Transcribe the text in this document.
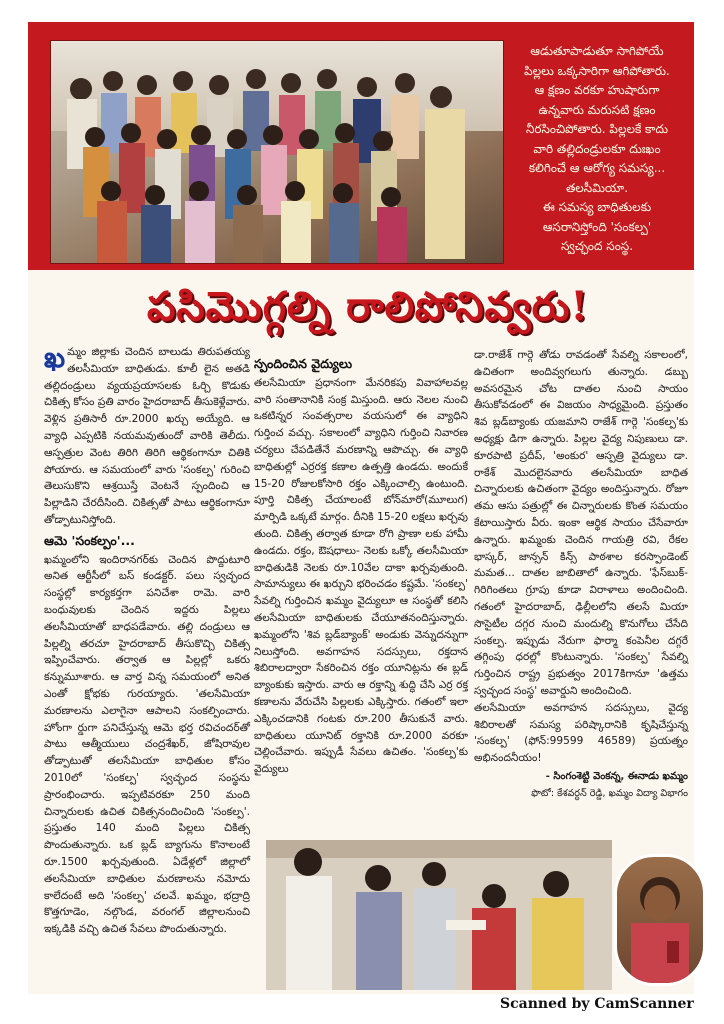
ఆడుతూపాడుతూ సాగిపోయే
పిల్లలు ఒక్కసారిగా ఆగిపోతారు.
ఆ క్షణం వరకూ హుషారుగా
ఉన్నవారు మరుసటి క్షణం
నీరసించిపోతారు. పిల్లలకే కాదు
వారి తల్లిదండ్రులకూ దుఃఖం
కలిగించే ఆ ఆరోగ్య సమస్య...
తలసీమియా.
ఈ సమస్య బాధితులకు
ఆసరానిస్తోంది 'సంకల్ప'
స్వచ్ఛంద సంస్థ.
పసిమొగ్గల్ని రాలిపోనివ్వరు!

ఖ మ్మం జిల్లాకు చెందిన బాలుడు తిరుపతయ్య తలసీమియా బాధితుడు. కూలీ లైన అతడి తల్లిదండ్రులు వ్యయప్రయాసలకు ఓర్చి కొడుకు చికిత్స కోసం ప్రతి వారం హైదరాబాద్ తీసుకెళ్లేవారు. వెళ్లిన ప్రతిసారీ రూ.2000 ఖర్చు అయ్యేది. ఆ వ్యాధి ఎప్పటికి నయమవుతుందో వారికి తెలీదు. ఆస్పత్రుల వెంట తిరిగి తిరిగి ఆర్థికంగానూ చితికి పోయారు. ఆ సమయంలో వారు 'సంకల్ప' గురించి తెలుసుకొని ఆశ్రయిస్తే వెంటనే స్పందించి ఆ పిల్లాడిని చేరదీసింది. చికిత్సతో పాటు ఆర్థికంగానూ తోడ్పాటునిస్తోంది.

ఆమె 'సంకల్పం'...

ఖమ్మంలోని ఇందిరానగర్‌కు చెందిన పొద్దుటూరి అనిత ఆర్టీసీలో బస్ కండక్టర్. పలు స్వచ్ఛంద సంస్థల్లో కార్యకర్తగా పనిచేశా రామె. వారి బంధువులకు చెందిన ఇద్దరు పిల్లలు తలసీమియాతో బాధపడేవారు. తల్లి దండ్రులు ఆ పిల్లల్ని తరచూ హైదరాబాద్ తీసుకొచ్చి చికిత్స ఇప్పించేవారు. తర్వాత ఆ పిల్లల్లో ఒకరు కన్నుమూశారు. ఆ వార్త విన్న సమయంలో అనిత ఎంతో క్షోభకు గురయ్యారు. 'తలసేమియా మరణాలను ఎలాగైనా ఆపాలని సంకల్పించారు. హోంగా ర్డుగా పనిచేస్తున్న ఆమె భర్త రవిచందర్‌తో పాటు ఆత్మీయులు చంద్రశేఖర్, జోషిరావుల తోడ్పాటుతో తలసేమియా బాధితుల కోసం 2010లో 'సంకల్ప' స్వచ్ఛంద సంస్థను ప్రారంభించారు. ఇప్పటివరకూ 250 మంది చిన్నారులకు ఉచిత చికిత్సనందించింది 'సంకల్ప'. ప్రస్తుతం 140 మంది పిల్లలు చికిత్స పొందుతున్నారు. ఒక బ్లడ్ బ్యాగును కొనాలంటే రూ.1500 ఖర్చవుతుంది. ఏడేళ్లలో జిల్లాలో తలసేమియా బాధితుల మరణాలను నమోదు కాలేదంటే అది 'సంకల్ప' చలవే. ఖమ్మం, భద్రాద్రి కొత్తగూడెం, నల్గొండ, వరంగల్ జిల్లాలనుంచి ఇక్కడికి వచ్చి ఉచిత సేవలు పొందుతున్నారు.

స్పందించిన వైద్యులు

తలసేమియా ప్రధానంగా మేనరికపు వివాహాలవల్ల వారి సంతానానికి సంక్ర మిస్తుంది. ఆరు నెలల నుంచి ఒకటిన్నర సంవత్సరాల వయసులో ఈ వ్యాధిని గుర్తించ వచ్చు. సకాలంలో వ్యాధిని గుర్తించి నివారణ చర్యలు చేపడితేనే మరణాన్ని ఆపొచ్చు. ఈ వ్యాధి బాధితుల్లో ఎర్రరక్త కణాల ఉత్పత్తి ఉండదు. అందుకే 15-20 రోజులకోసారి రక్తం ఎక్కించాల్సి ఉంటుంది. పూర్తి చికిత్స చేయాలంటే బోన్‌మారో(మూలుగ) మార్పిడి ఒక్కటే మార్గం. దీనికి 15-20 లక్షలు ఖర్చవు తుంది. చికిత్స తర్వాత కూడా రోగి ప్రాణా లకు హామీ ఉండదు. రక్తం, ఔషధాలు- నెలకు ఒక్కో తలసీమియా బాధితుడికి నెలకు రూ.10వేల దాకా ఖర్చవుతుంది. సామాన్యులు ఈ ఖర్చుని భరించడం కష్టమే. 'సంకల్ప' సేవల్ని గుర్తించిన ఖమ్మం వైద్యులూ ఆ సంస్థతో కలిసి తలసేమియా బాధితులకు చేయూతనందిస్తున్నారు. ఖమ్మంలోని 'శివ బ్లడ్‌బ్యాంక్' అండుకు వెన్నుదన్నుగా నిలుస్తోంది. అవగాహన సదస్సులు, రక్తదాన శిబిరాలద్వారా సేకరించిన రక్తం యూనిట్లను ఈ బ్లడ్ బ్యాంకుకు ఇస్తారు. వారు ఆ రక్తాన్ని శుద్ధి చేసి ఎర్ర రక్త కణాలను వేరుచేసి పిల్లలకు ఎక్కిస్తారు. గతంలో ఇలా ఎక్కించడానికి గంటకు రూ.200 తీసుకునే వారు. బాధితులు యూనిట్ రక్తానికి రూ.2000 వరకూ చెల్లించేవారు. ఇప్పుడీ సేవలు ఉచితం. 'సంకల్ప'కు వైద్యులు

డా.రాజేశ్ గార్గె తోడు రావడంతో సేవల్ని సకాలంలో, ఉచితంగా అందివ్వగలుగు తున్నారు. డబ్బు అవసరమైన చోట దాతల నుంచి సాయం తీసుకోవడంలో ఈ విజయం సాధ్యమైంది. ప్రస్తుతం శివ బ్లడ్‌బ్యాంకు యజమాని రాజేశ్ గార్గె 'సంకల్ప'కు అధ్యక్షు డిగా ఉన్నారు. పిల్లల వైద్య నిపుణులు డా. కూరపాటి ప్రదీప్, 'అంకుర' ఆస్పత్రి వైద్యులు డా. రాకేశ్ మొదలైనవారు తలసేమియా బాధిత చిన్నారులకు ఉచితంగా వైద్యం అందిస్తున్నారు. రోజూ తమ ఆసు పత్రుల్లో ఈ చిన్నారులకు కొంత సమయం కేటాయిస్తారు వీరు. ఇంకా ఆర్థిక సాయం చేసేవారూ ఉన్నారు. ఖమ్మంకు చెందిన గాయత్రి రవి, రేకల భాస్కర్, జాన్సన్ కిన్స్ పాఠశాల కరస్పాండెంట్ మమత... దాతల జాబితాలో ఉన్నారు. 'ఫేస్‌బుక్-గిరిగింతలు గ్రూపు కూడా విరాళాలు అందించింది. గతంలో హైదరాబాద్, ఢిల్లీలలోని తలసే మియా సొసైటీల దగ్గర నుంచి మందుల్ని కొనుగోలు చేసేది సంకల్ప. ఇప్పుడు నేరుగా ఫార్మా కంపెనీల దగ్గరే తగ్గింపు ధరల్లో కొంటున్నారు. 'సంకల్ప' సేవల్ని గుర్తించిన రాష్ట్ర ప్రభుత్వం 2017కిగానూ 'ఉత్తమ స్వచ్ఛంద సంస్థ' అవార్డుని అందించింది.

తలసేమియా అవగాహన సదస్సులు, వైద్య శిబిరాలతో సమస్య పరిష్కారానికి కృషిచేస్తున్న 'సంకల్ప' (ఫోన్:99599 46589) ప్రయత్నం అభినందనీయం!

- సింగంశెట్టి వెంకన్న, ఈనాడు ఖమ్మం
ఫొటో: కేశవర్ధన్ రెడ్డి, ఖమ్మం విద్యా విభాగం
Scanned by CamScanner
